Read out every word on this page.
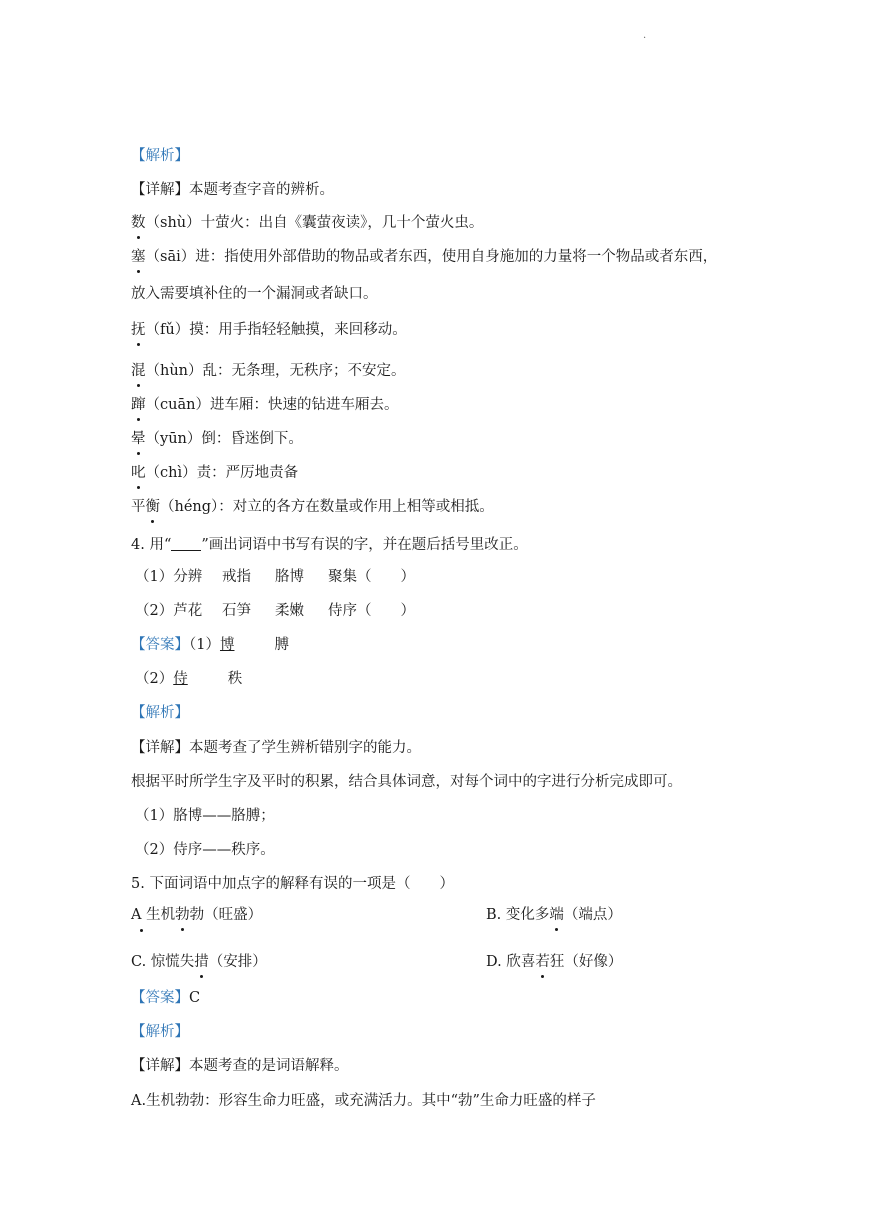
.
【解析】
【详解】本题考查字音的辨析。
数（shù）十萤火：出自《囊萤夜读》，几十个萤火虫。
塞（sāi）进：指使用外部借助的物品或者东西，使用自身施加的力量将一个物品或者东西，
放入需要填补住的一个漏洞或者缺口。
抚（fǔ）摸：用手指轻轻触摸，来回移动。
混（hùn）乱：无条理，无秩序；不安定。
蹿（cuān）进车厢：快速的钻进车厢去。
晕（yūn）倒：昏迷倒下。
叱（chì）责：严厉地责备
平衡（héng）：对立的各方在数量或作用上相等或相抵。
4. 用“ ”画出词语中书写有误的字，并在题后括号里改正。
（1）分辨 戒指 胳博 聚集（　　）
（2）芦花 石笋 柔嫩 侍序（　　）
【答案】（1）博	膊
（2）侍	秩
【解析】
【详解】本题考查了学生辨析错别字的能力。
根据平时所学生字及平时的积累，结合具体词意，对每个词中的字进行分析完成即可。
（1）胳博——胳膊；
（2）侍序——秩序。
5. 下面词语中加点字的解释有误的一项是（　　）
A 生机勃勃（旺盛）	B. 变化多端（端点）
C. 惊慌失措（安排）	D. 欣喜若狂（好像）
【答案】C
【解析】
【详解】本题考查的是词语解释。
A.生机勃勃：形容生命力旺盛，或充满活力。其中“勃”生命力旺盛的样子
